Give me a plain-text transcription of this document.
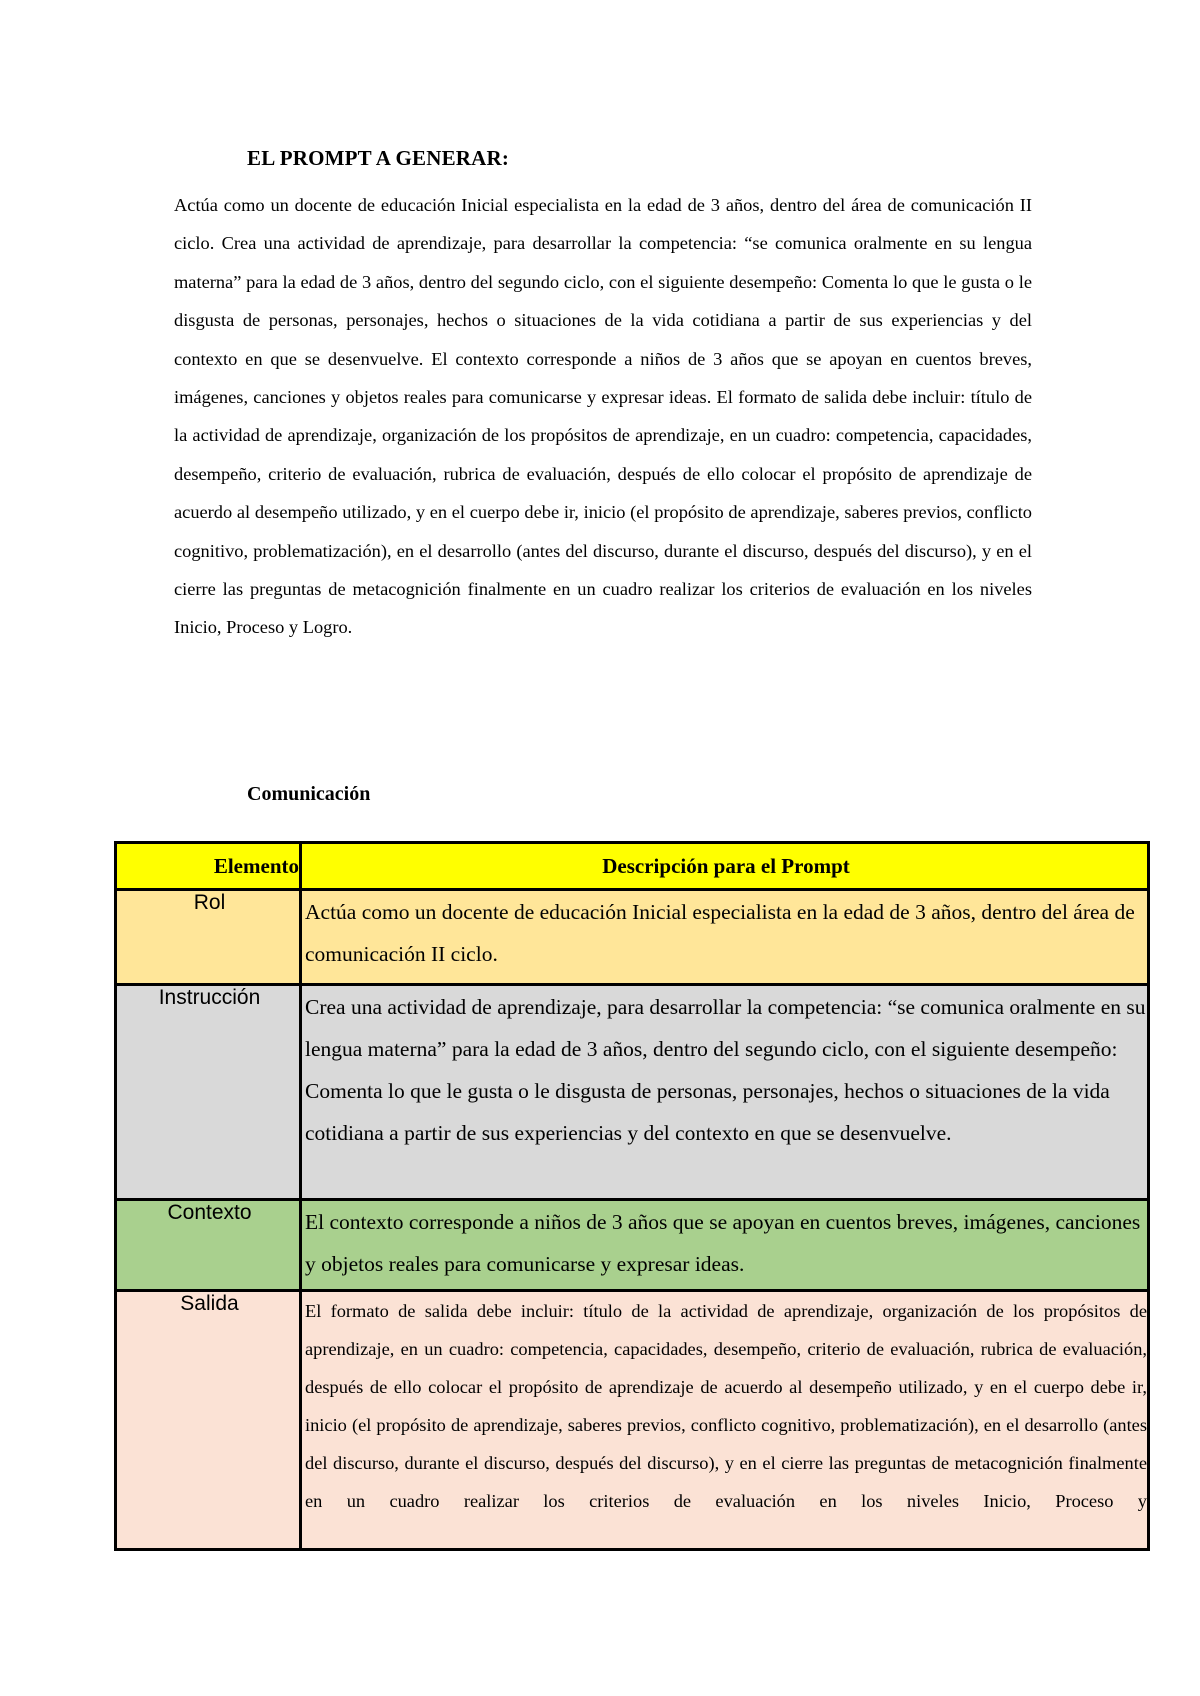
EL PROMPT A GENERAR:

Actúa como un docente de educación Inicial especialista en la edad de 3 años, dentro del área de comunicación II ciclo. Crea una actividad de aprendizaje, para desarrollar la competencia: “se comunica oralmente en su lengua materna” para la edad de 3 años, dentro del segundo ciclo, con el siguiente desempeño: Comenta lo que le gusta o le disgusta de personas, personajes, hechos o situaciones de la vida cotidiana a partir de sus experiencias y del contexto en que se desenvuelve. El contexto corresponde a niños de 3 años que se apoyan en cuentos breves, imágenes, canciones y objetos reales para comunicarse y expresar ideas. El formato de salida debe incluir: título de la actividad de aprendizaje, organización de los propósitos de aprendizaje, en un cuadro: competencia, capacidades, desempeño, criterio de evaluación, rubrica de evaluación, después de ello colocar el propósito de aprendizaje de acuerdo al desempeño utilizado, y en el cuerpo debe ir, inicio (el propósito de aprendizaje, saberes previos, conflicto cognitivo, problematización), en el desarrollo (antes del discurso, durante el discurso, después del discurso), y en el cierre las preguntas de metacognición finalmente en un cuadro realizar los criterios de evaluación en los niveles Inicio, Proceso y Logro.

Comunicación
Elemento	Descripción para el Prompt
Rol	Actúa como un docente de educación Inicial especialista en la edad de 3 años, dentro del área de comunicación II ciclo.
Instrucción	Crea una actividad de aprendizaje, para desarrollar la competencia: “se comunica oralmente en su lengua materna” para la edad de 3 años, dentro del segundo ciclo, con el siguiente desempeño: Comenta lo que le gusta o le disgusta de personas, personajes, hechos o situaciones de la vida cotidiana a partir de sus experiencias y del contexto en que se desenvuelve.
Contexto	El contexto corresponde a niños de 3 años que se apoyan en cuentos breves, imágenes, canciones y objetos reales para comunicarse y expresar ideas.
Salida	El formato de salida debe incluir: título de la actividad de aprendizaje, organización de los propósitos de aprendizaje, en un cuadro: competencia, capacidades, desempeño, criterio de evaluación, rubrica de evaluación, después de ello colocar el propósito de aprendizaje de acuerdo al desempeño utilizado, y en el cuerpo debe ir, inicio (el propósito de aprendizaje, saberes previos, conflicto cognitivo, problematización), en el desarrollo (antes del discurso, durante el discurso, después del discurso), y en el cierre las preguntas de metacognición finalmente en un cuadro realizar los criterios de evaluación en los niveles Inicio, Proceso y
